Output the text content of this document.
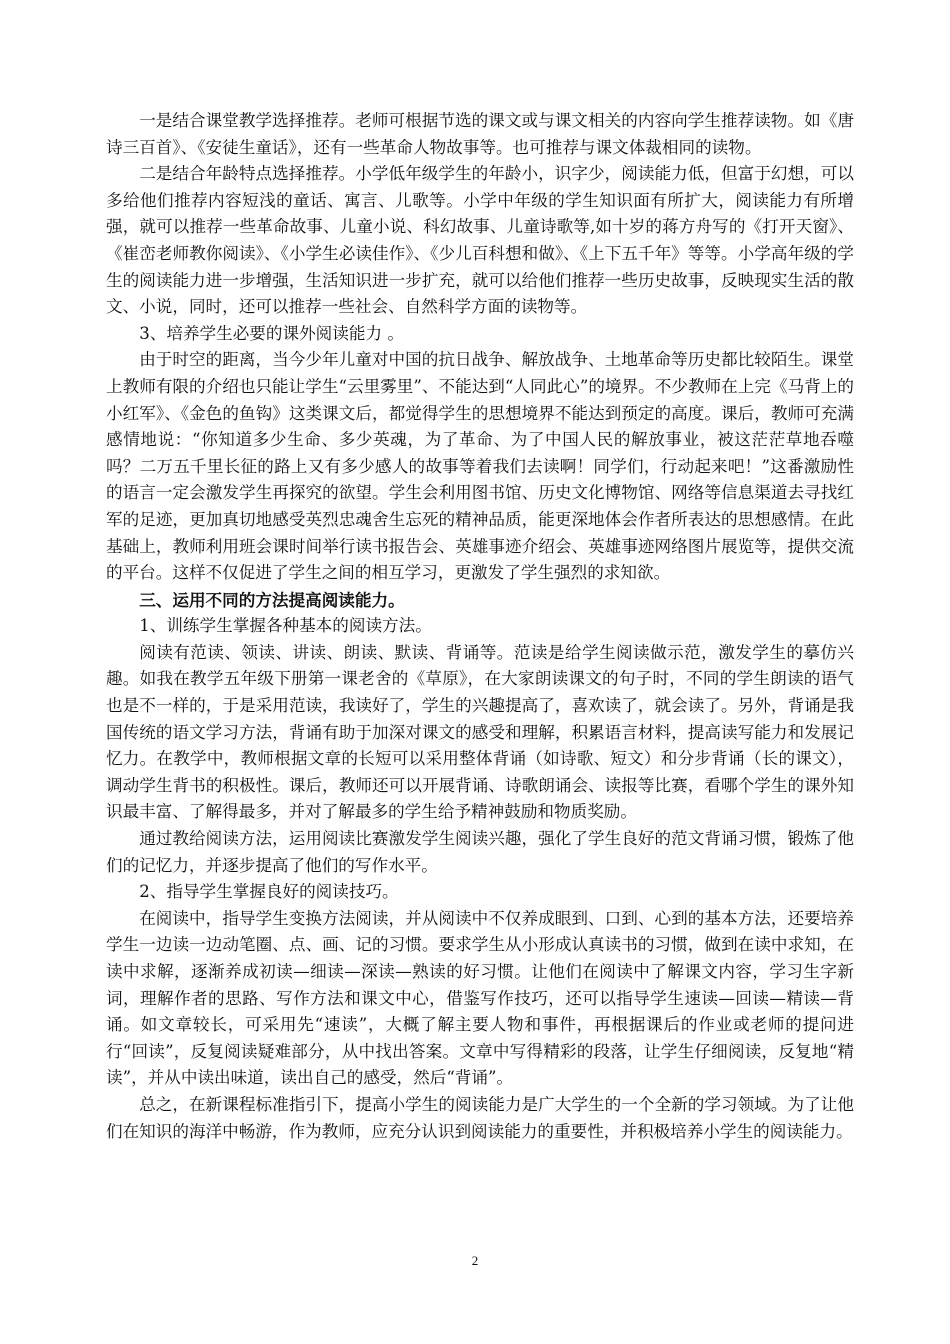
一是结合课堂教学选择推荐。老师可根据节选的课文或与课文相关的内容向学生推荐读物。如《唐诗三百首》、《安徒生童话》，还有一些革命人物故事等。也可推荐与课文体裁相同的读物。

二是结合年龄特点选择推荐。小学低年级学生的年龄小，识字少，阅读能力低，但富于幻想，可以多给他们推荐内容短浅的童话、寓言、儿歌等。小学中年级的学生知识面有所扩大，阅读能力有所增强，就可以推荐一些革命故事、儿童小说、科幻故事、儿童诗歌等,如十岁的蒋方舟写的《打开天窗》、《崔峦老师教你阅读》、《小学生必读佳作》、《少儿百科想和做》、《上下五千年》等等。小学高年级的学生的阅读能力进一步增强，生活知识进一步扩充，就可以给他们推荐一些历史故事，反映现实生活的散文、小说，同时，还可以推荐一些社会、自然科学方面的读物等。

3、培养学生必要的课外阅读能力 。

由于时空的距离，当今少年儿童对中国的抗日战争、解放战争、土地革命等历史都比较陌生。课堂上教师有限的介绍也只能让学生“云里雾里”、不能达到“人同此心”的境界。不少教师在上完《马背上的小红军》、《金色的鱼钩》这类课文后，都觉得学生的思想境界不能达到预定的高度。课后，教师可充满感情地说：“你知道多少生命、多少英魂，为了革命、为了中国人民的解放事业，被这茫茫草地吞噬吗？二万五千里长征的路上又有多少感人的故事等着我们去读啊！同学们，行动起来吧！”这番激励性的语言一定会激发学生再探究的欲望。学生会利用图书馆、历史文化博物馆、网络等信息渠道去寻找红军的足迹，更加真切地感受英烈忠魂舍生忘死的精神品质，能更深地体会作者所表达的思想感情。在此基础上，教师利用班会课时间举行读书报告会、英雄事迹介绍会、英雄事迹网络图片展览等，提供交流的平台。这样不仅促进了学生之间的相互学习，更激发了学生强烈的求知欲。

三、运用不同的方法提高阅读能力。

1、训练学生掌握各种基本的阅读方法。

阅读有范读、领读、讲读、朗读、默读、背诵等。范读是给学生阅读做示范，激发学生的摹仿兴趣。如我在教学五年级下册第一课老舍的《草原》，在大家朗读课文的句子时，不同的学生朗读的语气也是不一样的，于是采用范读，我读好了，学生的兴趣提高了，喜欢读了，就会读了。另外，背诵是我国传统的语文学习方法，背诵有助于加深对课文的感受和理解，积累语言材料，提高读写能力和发展记忆力。在教学中，教师根据文章的长短可以采用整体背诵（如诗歌、短文）和分步背诵（长的课文），调动学生背书的积极性。课后，教师还可以开展背诵、诗歌朗诵会、读报等比赛，看哪个学生的课外知识最丰富、了解得最多，并对了解最多的学生给予精神鼓励和物质奖励。

通过教给阅读方法，运用阅读比赛激发学生阅读兴趣，强化了学生良好的范文背诵习惯，锻炼了他们的记忆力，并逐步提高了他们的写作水平。

2、指导学生掌握良好的阅读技巧。

在阅读中，指导学生变换方法阅读，并从阅读中不仅养成眼到、口到、心到的基本方法，还要培养学生一边读一边动笔圈、点、画、记的习惯。要求学生从小形成认真读书的习惯，做到在读中求知，在读中求解，逐渐养成初读—细读—深读—熟读的好习惯。让他们在阅读中了解课文内容，学习生字新词，理解作者的思路、写作方法和课文中心，借鉴写作技巧，还可以指导学生速读—回读—精读—背诵。如文章较长，可采用先“速读”，大概了解主要人物和事件，再根据课后的作业或老师的提问进行“回读”，反复阅读疑难部分，从中找出答案。文章中写得精彩的段落，让学生仔细阅读，反复地“精读”，并从中读出味道，读出自己的感受，然后“背诵”。

总之，在新课程标准指引下，提高小学生的阅读能力是广大学生的一个全新的学习领域。为了让他们在知识的海洋中畅游，作为教师，应充分认识到阅读能力的重要性，并积极培养小学生的阅读能力。

2
